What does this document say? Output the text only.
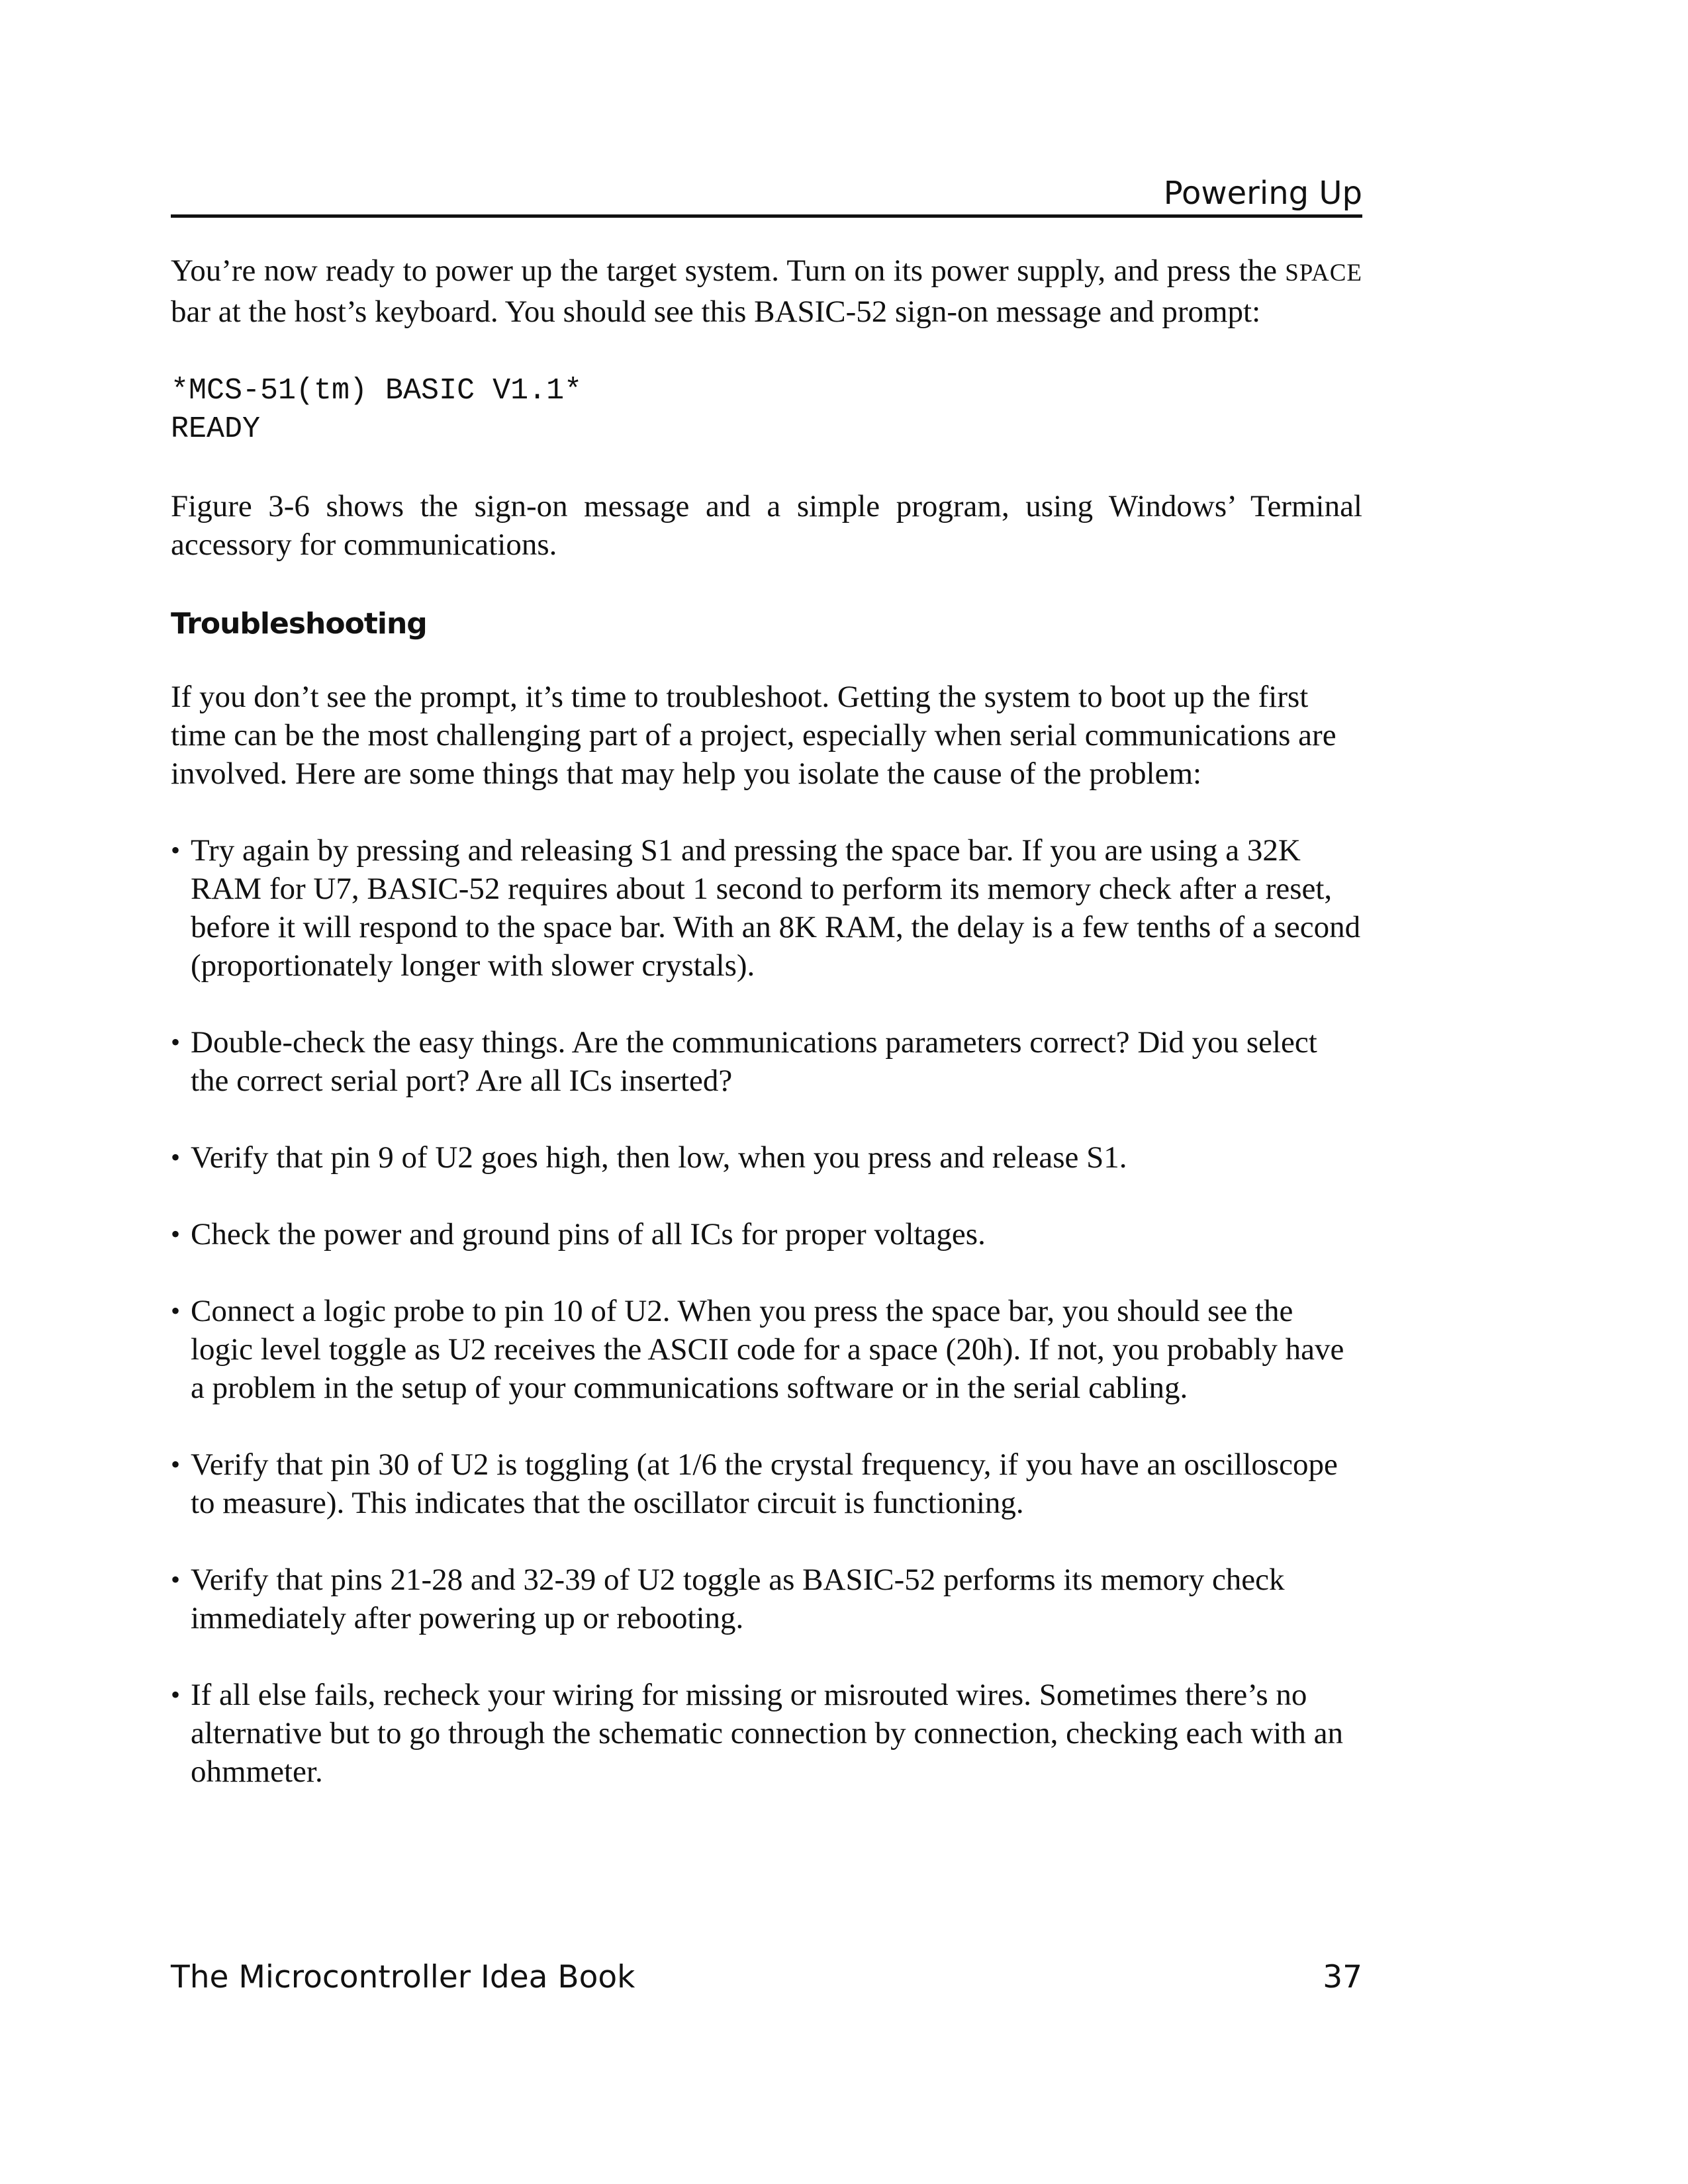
Powering Up

You’re now ready to power up the target system. Turn on its power supply, and press the SPACE bar at the host’s keyboard. You should see this BASIC-52 sign-on message and prompt:

*MCS-51(tm) BASIC V1.1*
READY

Figure 3-6 shows the sign-on message and a simple program, using Windows’ Terminal accessory for communications.

Troubleshooting

If you don’t see the prompt, it’s time to troubleshoot. Getting the system to boot up the first time can be the most challenging part of a project, especially when serial communications are involved. Here are some things that may help you isolate the cause of the problem:

• Try again by pressing and releasing S1 and pressing the space bar. If you are using a 32K RAM for U7, BASIC-52 requires about 1 second to perform its memory check after a reset, before it will respond to the space bar. With an 8K RAM, the delay is a few tenths of a second (proportionately longer with slower crystals).
• Double-check the easy things. Are the communications parameters correct? Did you select the correct serial port? Are all ICs inserted?
• Verify that pin 9 of U2 goes high, then low, when you press and release S1.
• Check the power and ground pins of all ICs for proper voltages.
• Connect a logic probe to pin 10 of U2. When you press the space bar, you should see the logic level toggle as U2 receives the ASCII code for a space (20h). If not, you probably have a problem in the setup of your communications software or in the serial cabling.
• Verify that pin 30 of U2 is toggling (at 1/6 the crystal frequency, if you have an oscilloscope to measure). This indicates that the oscillator circuit is functioning.
• Verify that pins 21-28 and 32-39 of U2 toggle as BASIC-52 performs its memory check immediately after powering up or rebooting.
• If all else fails, recheck your wiring for missing or misrouted wires. Sometimes there’s no alternative but to go through the schematic connection by connection, checking each with an ohmmeter.
The Microcontroller Idea Book	37
